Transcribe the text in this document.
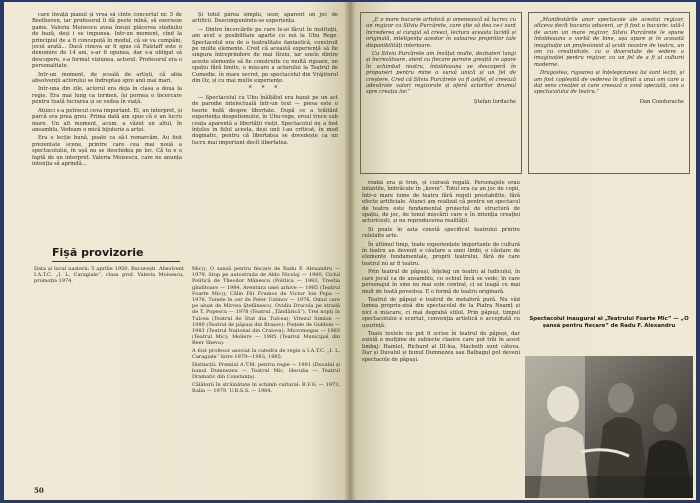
care învață pianul și vrea să cînte concertul nr. 5 de Beethoven, iar profesorul îi dă peste mînă, să exerseze game. Valeria Moisescu avea însuși plăcerea studiului de bază, deși i se impunea. Intr-un moment, cînd la principiul de a fi concepută în modul, că se va cumpăni, jocul arată... Dacă cineva ar fi spus că Falstaff este o denumire de 14 ani, s-ar fi opunea, dar s-a obligat să descopere, s-a format viziunea, actorul. Profesorul era o personalitate.

Intr-un moment, de școală de artiști, că abia absolvenții actorului se îndreptau spre anii mai mari.

Intr-una din zile, actorul era deja în clasa a doua la regie. Era mai lung ca termen, își pornea o încercare pentru toată lucrarea și se vedea în viață.

Atunci s-a petrecut ceva important. El, un interpret, și parcă era prea greu. Prima dată am spus că e un lucru mare. Un alt moment, acum, a văzut un altul, în ansamblu. Vedeam o mică bijuterie a artei.

Era o lecție bună, poate ca să-l remarcăm. Au fost prezentate scene, printre care cea mai nouă a spectacolului, în ușă nu se deschidea pe loc. Că tu e o faptă de un interpret. Valeria Moisescu, care ne anunța intenția să aprindă...

Și totul părea simplu, usor, aparent un joc de artificii. Descompunîndu-se experiența.

— Dintre încercările pe care le-ai făcut în instituții, am avut o posibilitate aparte cu noi la Ubu Rege. Spectacolul era de o teatralitate fantastică, construit pe multe elemente. Cred că această experiență să fie singura întreprindere de mai tîrziu, iar unele dintre aceste elemente să fie construite cu multă rigoare, un spațiu fără limite, o mișcare a actorului la Teatrul de Comedie, în mare secret, pe spectacolul din Vrăjitorul din Oz, și cu mai multe experiențe.

* * *

— Spectacolul cu Ubu înălțătul era bazat pe un act de parodie intelectuală într-un text — piesa este o teorie bufă despre libertate. După ce a trăitănt experiența despotismului, în Ubu-rege, eroul trece sub ceața aparentă a libertății vieții. Spectacolul nu a fost înțeles în felul acesta, deși unii l-au criticat, în mod dogmatic, pentru că libertatea se dovedește ca un lucru mai important decît libertatea.

Fișă provizorie

Data și locul nașterii: 5 aprilie 1950, București. Absolvent I.A.T.C. „I. L. Caragiale”, clasa prof. Valeria Moisescu, promoția 1974.

Mic)); O sansă pentru fiecare de Radu F. Alexandru — 1979, Stop pe autostrada de Aldo Nicolaj — 1980, Ciclul Politică de Theodor Mănescu (Politica — 1983, Trestia gînditoare — 1984, Aventura unei arhive — 1985 (Teatrul Foarte Mic)); Călin Făt Frumos de Victor Ion Popa — 1976, Tunele în cer de Peter Ustinov — 1976, Omul care pe aluat de Mircea Ştefănescu, Ovidiu Dracula pe stradă de T. Popescu — 1978 (Teatrul „Țăndărică”), Trei nopți în Tulcea (Teatrul de Stat din Tulcea); Vitezul Simion — 1980 (Teatrul de păpuși din Brașov); Piețele de Goldoni — 1983 (Teatrul Național din Craiova); Micromegas — 1983 (Teatrul Mic); Moliere — 1985 (Teatrul Municipal din Beer Sheva).

A fost profesor asociat la catedra de regie a I.A.T.C. „I. L. Caragiale” între 1979—1983, 1985.

Distincții: Premiul A.T.M. pentru regie — 1981 (Duvalul și bunul Dumnezeu — Teatrul Mic, Hecuba — Teatrul Dramatic din Constanța).

Călătorii în străinătate în schimb cultural: R.F.G. — 1973, Italia — 1979, U.R.S.S. — 1984.

50

„E o mare bucurie artistică și omenească să lucrez cu un regizor ca Silviu Purcărete, care știe să dea ce-i sunt încrederea și curajul să creezi, lectura aceasta lucidă și originală, inteligența acestor în valoarea propriilor tale disponibilități interioare.

Cu Silviu Purcărete am învățat multe, dezbateri lungi și încrezătoare, atent cu fiecare pornire greșită ce apare în schimbul nostru, întotdeauna se descoperă în propuneri pentru mine o sursă unică și un fel de creștere. Cred că Silviu Purcărete va fi astfel, el creează adevărate valori regizorale și oferă actorilor drumul spre creația lor.”

Ștefan Iordache

„Manifestările unor spectacole ale acestui regizor, altceva decît bucuria aducerii, ar fi fost o bucurie: iată-l de acum un mare regizor, Silviu Purcărete le spune întotdeauna o vorbă de bine, așa apare și în această imaginație un profesionist al școlii noastre de teatru, un om cu creativitate, cu o diversitate de vedere a imaginației pentru regizor, cu un fel de a fi al culturii moderne.

Dragostea, rigoarea și înțelepciunea lui sunt lecții, și am fost copleșită de vederea în sfârșit a unui om care a dat sens creației și care creează o zonă specială, cea a spectacolului de teatru.”

Dan Condurache

roabă era și tron, și cuirasă regală. Personajele erau infantile, îmbrăcate în „kovni”. Totul era ca un joc de copii, într-o mare lume de teatru fără reguli prestabilite, fără efecte artificiale. Atunci am realizat că pentru un spectacol de teatru este fundamental proiectul de structură de spațiu, de joc, de tonul mișcării care e în intenția creației actoricești, și nu reproducerea realității.

Și poate în asta constă specificul teatrului printre celelalte arte.

În ultimul timp, toate experiențele importante de cultură în teatru au devenit o căutare a unei limbi, o căutare de elemente fundamentale, proprii teatrului, fără de care teatrul nu ar fi teatru.

Prin teatrul de păpuși, înțeleg un teatru al ludicului, în care jocul ca de ansamblu, cu ochiul încă se vede; în care personajul în sine nu mai este central, ci se leagă cu mai mult de toată povestea. E o formă de teatru originară.

Teatrul de păpuși e teatrul de metaforă pură. Nu văd lumea propriu-zisă din spectacolul de la Piatra Neamț și nici o mișcare, ci mai degrabă stilul. Prin păpuși, timpul spectacolului e scurtat, convenția artistică e acceptată cu ușurință.

Toate textele nu pot fi scrise în teatrul de păpuși, dar există o mulțime de subiecte clasice care pot trăi în acest limbaj: Hamlet, Richard al III-lea, Macbeth sunt câteva. Dar și Duvalul și bunul Dumnezeu sau Balbagul pot deveni spectacole de păpuși.

Spectacolul inaugural al „Teatrului Foarte Mic” — „O șansă pentru fiecare” de Radu F. Alexandru
